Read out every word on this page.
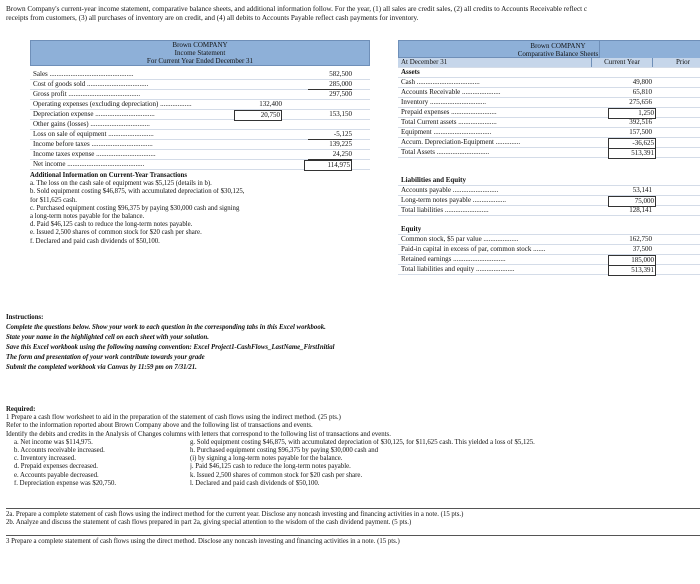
Brown Company's current-year income statement, comparative balance sheets, and additional information follow. For the year, (1) all sales are credit sales, (2) all credits to Accounts Receivable reflect c
receipts from customers, (3) all purchases of inventory are on credit, and (4) all debits to Accounts Payable reflect cash payments for inventory.
Brown COMPANY
Income Statement
For Current Year Ended December 31
Sales ................................................	582,500
Cost of goods sold ...................................	285,000
Gross profit .........................................	297,500
Operating expenses (excluding depreciation) ..................	132,400
Depreciation expense ..................................	20,750	153,150
Other gains (losses) ..................................
Loss on sale of equipment ..........................	-5,125
Income before taxes ...................................	139,225
Income taxes expense ..................................	24,250
Net income ............................................	114,975

Brown COMPANY
Comparative Balance Sheets
At December 31	Current Year	Prior
Assets
Cash ....................................	49,800
Accounts Receivable ......................	65,810
Inventory ................................	275,656
Prepaid expenses ..........................	1,250
Total Current assets ......................	392,516
Equipment .................................	157,500
Accum. Depreciation-Equipment ..............	-36,625
Total Assets ..............................	513,391
Liabilities and Equity
Accounts payable ..........................	53,141
Long-term notes payable ...................	75,000
Total liabilities .........................	128,141
Equity
Common stock, $5 par value ....................	162,750
Paid-in capital in excess of par, common stock .......	37,500
Retained earnings ..............................	185,000
Total liabilities and equity ......................	513,391
Additional Information on Current-Year Transactions
a. The loss on the cash sale of equipment was $5,125 (details in b).
b. Sold equipment costing $46,875, with accumulated depreciation of $30,125,
for $11,625 cash.
c. Purchased equipment costing $96,375 by paying $30,000 cash and signing
a long-term notes payable for the balance.
d. Paid $46,125 cash to reduce the long-term notes payable.
e. Issued 2,500 shares of common stock for $20 cash per share.
f. Declared and paid cash dividends of $50,100.
Instructions:
Complete the questions below. Show your work to each question in the corresponding tabs in this Excel workbook.
State your name in the highlighted cell on each sheet with your solution.
Save this Excel workbook using the following naming convention: Excel Project1-CashFlows_LastName_FirstInitial
The form and presentation of your work contribute towards your grade
Submit the completed workbook via Canvas by 11:59 pm on 7/31/21.
Required:
1 Prepare a cash flow worksheet to aid in the preparation of the statement of cash flows using the indirect method. (25 pts.)
Refer to the information reported about Brown Company above and the following list of transactions and events.
Identify the debits and credits in the Analysis of Changes columns with letters that correspond to the following list of transactions and events.
a. Net income was $114,975.
b. Accounts receivable increased.
c. Inventory increased.
d. Prepaid expenses decreased.
e. Accounts payable decreased.
f. Depreciation expense was $20,750.
g. Sold equipment costing $46,875, with accumulated depreciation of $30,125, for $11,625 cash. This yielded a loss of $5,125.
h. Purchased equipment costing $96,375 by paying $30,000 cash and
(i) by signing a long-term notes payable for the balance.
j. Paid $46,125 cash to reduce the long-term notes payable.
k. Issued 2,500 shares of common stock for $20 cash per share.
l. Declared and paid cash dividends of $50,100.
2a. Prepare a complete statement of cash flows using the indirect method for the current year. Disclose any noncash investing and financing activities in a note. (15 pts.)
2b. Analyze and discuss the statement of cash flows prepared in part 2a, giving special attention to the wisdom of the cash dividend payment. (5 pts.)
3 Prepare a complete statement of cash flows using the direct method. Disclose any noncash investing and financing activities in a note. (15 pts.)
